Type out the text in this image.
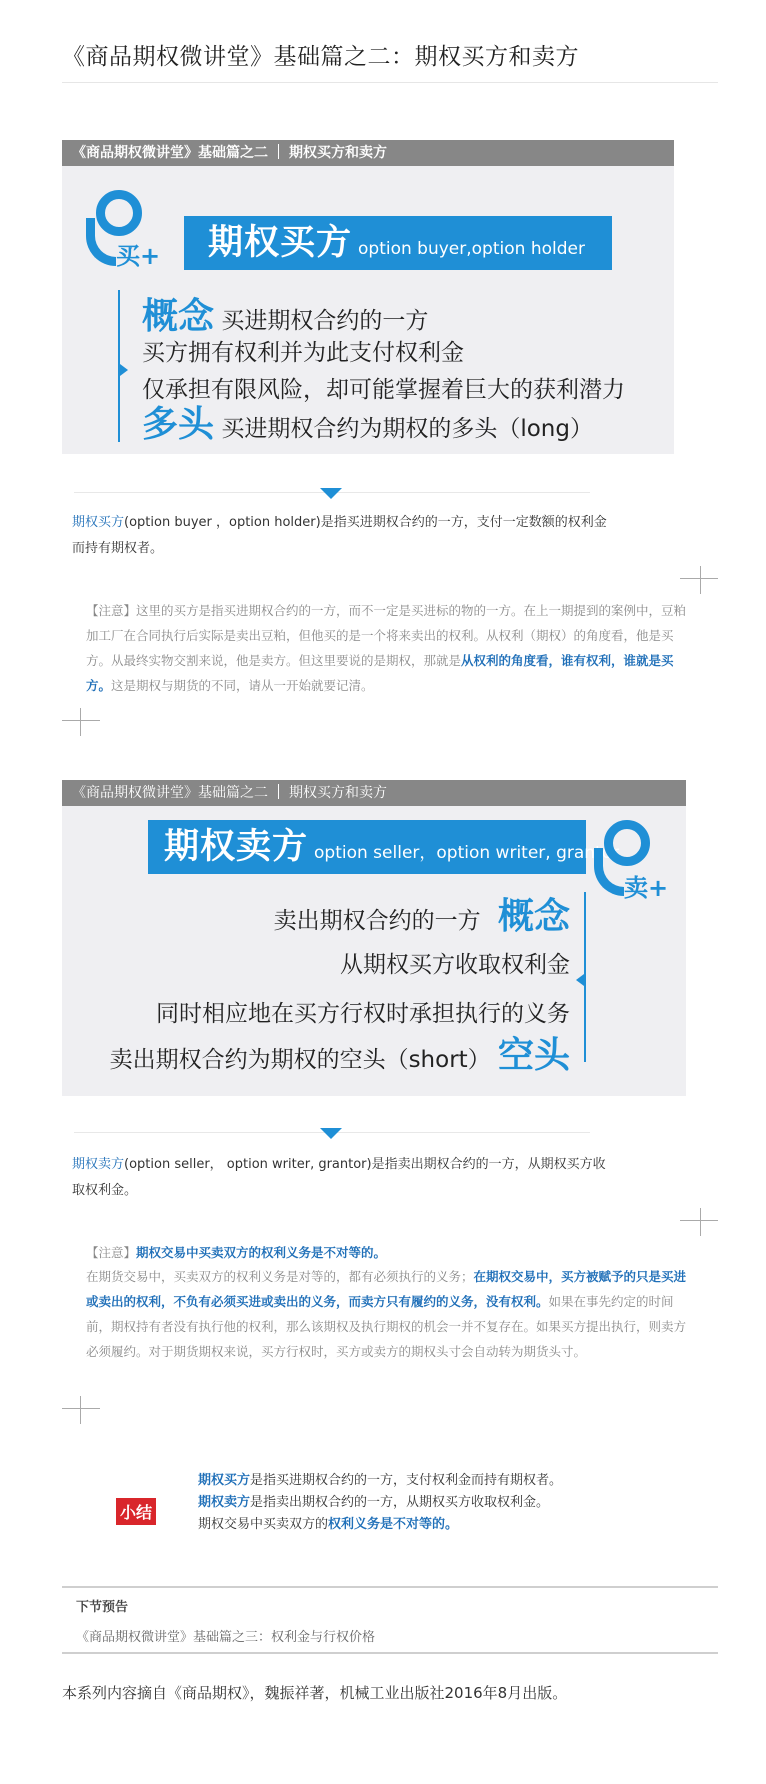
《商品期权微讲堂》基础篇之二：期权买方和卖方
《商品期权微讲堂》基础篇之二 期权买方和卖方
买+	期权买方 option buyer,option holder
概念 买进期权合约的一方
买方拥有权利并为此支付权利金
仅承担有限风险，却可能掌握着巨大的获利潜力
多头 买进期权合约为期权的多头（long）
期权买方(option buyer ，option holder)是指买进期权合约的一方，支付一定数额的权利金而持有期权者。
【注意】这里的买方是指买进期权合约的一方，而不一定是买进标的物的一方。在上一期提到的案例中，豆粕加工厂在合同执行后实际是卖出豆粕，但他买的是一个将来卖出的权利。从权利（期权）的角度看，他是买方。从最终实物交割来说，他是卖方。但这里要说的是期权，那就是从权利的角度看，谁有权利，谁就是买方。这是期权与期货的不同，请从一开始就要记清。
《商品期权微讲堂》基础篇之二 期权买方和卖方
期权卖方 option seller，option writer, grantor
卖+
卖出期权合约的一方 概念
从期权买方收取权利金
同时相应地在买方行权时承担执行的义务
卖出期权合约为期权的空头（short） 空头
期权卖方(option seller， option writer, grantor)是指卖出期权合约的一方，从期权买方收取权利金。
【注意】期权交易中买卖双方的权利义务是不对等的。
在期货交易中，买卖双方的权利义务是对等的，都有必须执行的义务；在期权交易中，买方被赋予的只是买进或卖出的权利，不负有必须买进或卖出的义务，而卖方只有履约的义务，没有权利。如果在事先约定的时间前，期权持有者没有执行他的权利，那么该期权及执行期权的机会一并不复存在。如果买方提出执行，则卖方必须履约。对于期货期权来说，买方行权时，买方或卖方的期权头寸会自动转为期货头寸。
小结
期权买方是指买进期权合约的一方，支付权利金而持有期权者。
期权卖方是指卖出期权合约的一方，从期权买方收取权利金。
期权交易中买卖双方的权利义务是不对等的。
下节预告
《商品期权微讲堂》基础篇之三：权利金与行权价格
本系列内容摘自《商品期权》，魏振祥著，机械工业出版社2016年8月出版。
